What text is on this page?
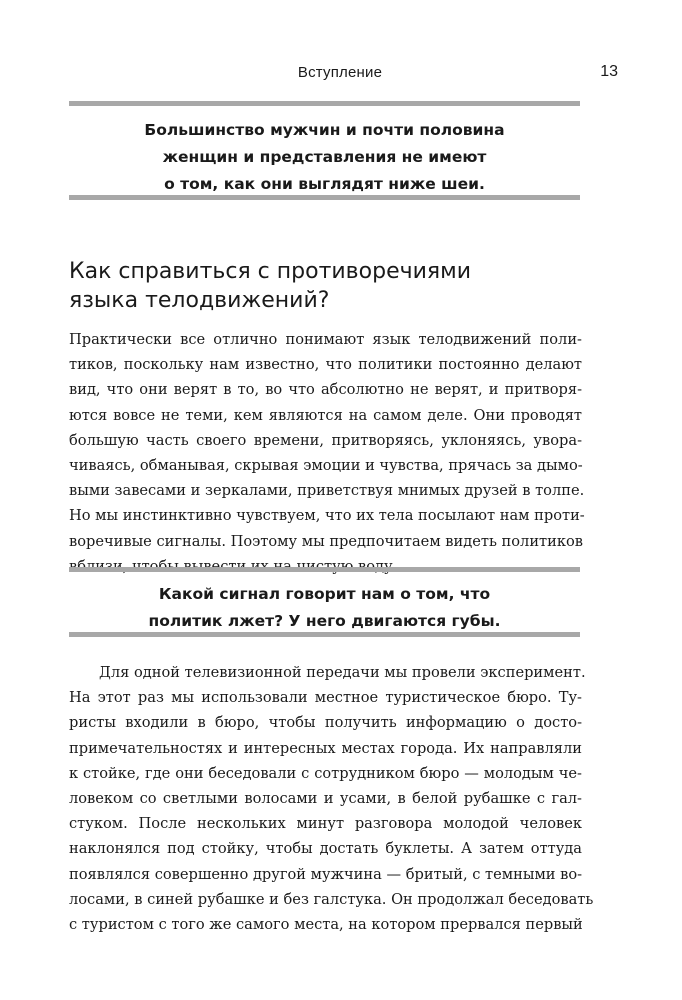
Вступление	13
Большинство мужчин и почти половина
женщин и представления не имеют
о том, как они выглядят ниже шеи.
Как справиться с противоречиями
языка телодвижений?
Практически все отлично понимают язык телодвижений поли-
тиков, поскольку нам известно, что политики постоянно делают
вид, что они верят в то, во что абсолютно не верят, и притворя-
ются вовсе не теми, кем являются на самом деле. Они проводят
большую часть своего времени, притворяясь, уклоняясь, увора-
чиваясь, обманывая, скрывая эмоции и чувства, прячась за дымо-
выми завесами и зеркалами, приветствуя мнимых друзей в толпе.
Но мы инстинктивно чувствуем, что их тела посылают нам проти-
воречивые сигналы. Поэтому мы предпочитаем видеть политиков
Какой сигнал говорит нам о том, что
политик лжет? У него двигаются губы.
Для одной телевизионной передачи мы провели эксперимент.
На этот раз мы использовали местное туристическое бюро. Ту-
ристы входили в бюро, чтобы получить информацию о досто-
примечательностях и интересных местах города. Их направляли
к стойке, где они беседовали с сотрудником бюро — молодым че-
ловеком со светлыми волосами и усами, в белой рубашке с гал-
стуком. После нескольких минут разговора молодой человек
наклонялся под стойку, чтобы достать буклеты. А затем оттуда
появлялся совершенно другой мужчина — бритый, с темными во-
лосами, в синей рубашке и без галстука. Он продолжал беседовать
с туристом с того же самого места, на котором прервался первый
